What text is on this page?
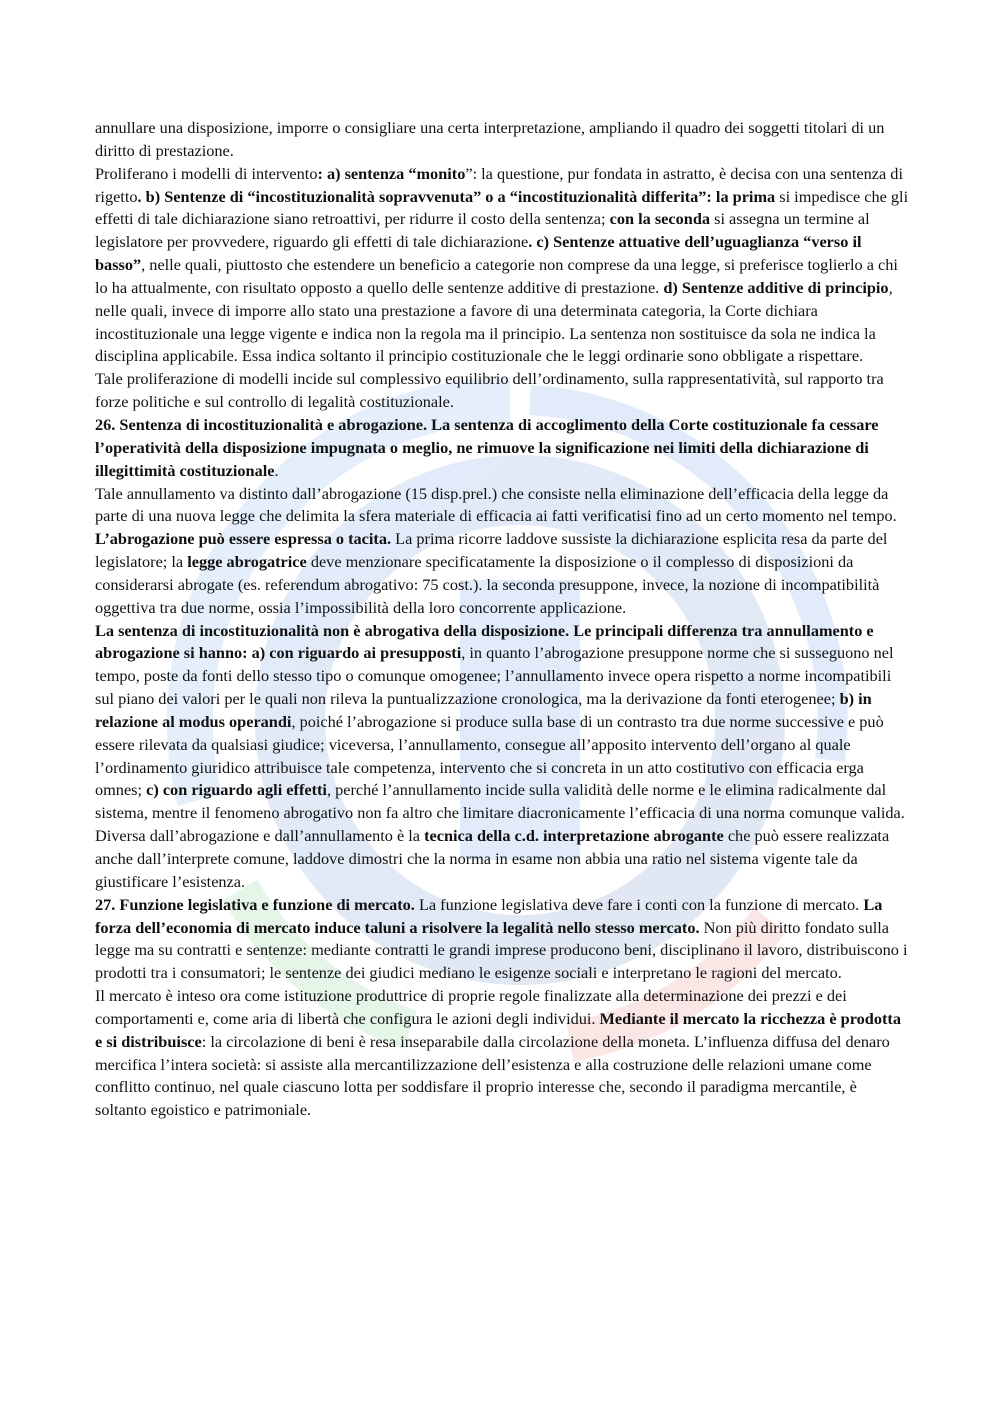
annullare una disposizione, imporre o consigliare una certa interpretazione, ampliando il quadro dei soggetti titolari di un diritto di prestazione.

Proliferano i modelli di intervento: a) sentenza “monito”: la questione, pur fondata in astratto, è decisa con una sentenza di rigetto. b) Sentenze di “incostituzionalità sopravvenuta” o a “incostituzionalità differita”: la prima si impedisce che gli effetti di tale dichiarazione siano retroattivi, per ridurre il costo della sentenza; con la seconda si assegna un termine al legislatore per provvedere, riguardo gli effetti di tale dichiarazione. c) Sentenze attuative dell’uguaglianza “verso il basso”, nelle quali, piuttosto che estendere un beneficio a categorie non comprese da una legge, si preferisce toglierlo a chi lo ha attualmente, con risultato opposto a quello delle sentenze additive di prestazione. d) Sentenze additive di principio, nelle quali, invece di imporre allo stato una prestazione a favore di una determinata categoria, la Corte dichiara incostituzionale una legge vigente e indica non la regola ma il principio. La sentenza non sostituisce da sola ne indica la disciplina applicabile. Essa indica soltanto il principio costituzionale che le leggi ordinarie sono obbligate a rispettare.

Tale proliferazione di modelli incide sul complessivo equilibrio dell’ordinamento, sulla rappresentatività, sul rapporto tra forze politiche e sul controllo di legalità costituzionale.

26. Sentenza di incostituzionalità e abrogazione. La sentenza di accoglimento della Corte costituzionale fa cessare l’operatività della disposizione impugnata o meglio, ne rimuove la significazione nei limiti della dichiarazione di illegittimità costituzionale.

Tale annullamento va distinto dall’abrogazione (15 disp.prel.) che consiste nella eliminazione dell’efficacia della legge da parte di una nuova legge che delimita la sfera materiale di efficacia ai fatti verificatisi fino ad un certo momento nel tempo. L’abrogazione può essere espressa o tacita. La prima ricorre laddove sussiste la dichiarazione esplicita resa da parte del legislatore; la legge abrogatrice deve menzionare specificatamente la disposizione o il complesso di disposizioni da considerarsi abrogate (es. referendum abrogativo: 75 cost.). la seconda presuppone, invece, la nozione di incompatibilità oggettiva tra due norme, ossia l’impossibilità della loro concorrente applicazione.

La sentenza di incostituzionalità non è abrogativa della disposizione. Le principali differenza tra annullamento e abrogazione si hanno: a) con riguardo ai presupposti, in quanto l’abrogazione presuppone norme che si susseguono nel tempo, poste da fonti dello stesso tipo o comunque omogenee; l’annullamento invece opera rispetto a norme incompatibili sul piano dei valori per le quali non rileva la puntualizzazione cronologica, ma la derivazione da fonti eterogenee; b) in relazione al modus operandi, poiché l’abrogazione si produce sulla base di un contrasto tra due norme successive e può essere rilevata da qualsiasi giudice; viceversa, l’annullamento, consegue all’apposito intervento dell’organo al quale l’ordinamento giuridico attribuisce tale competenza, intervento che si concreta in un atto costitutivo con efficacia erga omnes; c) con riguardo agli effetti, perché l’annullamento incide sulla validità delle norme e le elimina radicalmente dal sistema, mentre il fenomeno abrogativo non fa altro che limitare diacronicamente l’efficacia di una norma comunque valida.

Diversa dall’abrogazione e dall’annullamento è la tecnica della c.d. interpretazione abrogante che può essere realizzata anche dall’interprete comune, laddove dimostri che la norma in esame non abbia una ratio nel sistema vigente tale da giustificare l’esistenza.

27. Funzione legislativa e funzione di mercato. La funzione legislativa deve fare i conti con la funzione di mercato. La forza dell’economia di mercato induce taluni a risolvere la legalità nello stesso mercato. Non più diritto fondato sulla legge ma su contratti e sentenze: mediante contratti le grandi imprese producono beni, disciplinano il lavoro, distribuiscono i prodotti tra i consumatori; le sentenze dei giudici mediano le esigenze sociali e interpretano le ragioni del mercato.

Il mercato è inteso ora come istituzione produttrice di proprie regole finalizzate alla determinazione dei prezzi e dei comportamenti e, come aria di libertà che configura le azioni degli individui. Mediante il mercato la ricchezza è prodotta e si distribuisce: la circolazione di beni è resa inseparabile dalla circolazione della moneta. L’influenza diffusa del denaro mercifica l’intera società: si assiste alla mercantilizzazione dell’esistenza e alla costruzione delle relazioni umane come conflitto continuo, nel quale ciascuno lotta per soddisfare il proprio interesse che, secondo il paradigma mercantile, è soltanto egoistico e patrimoniale.
